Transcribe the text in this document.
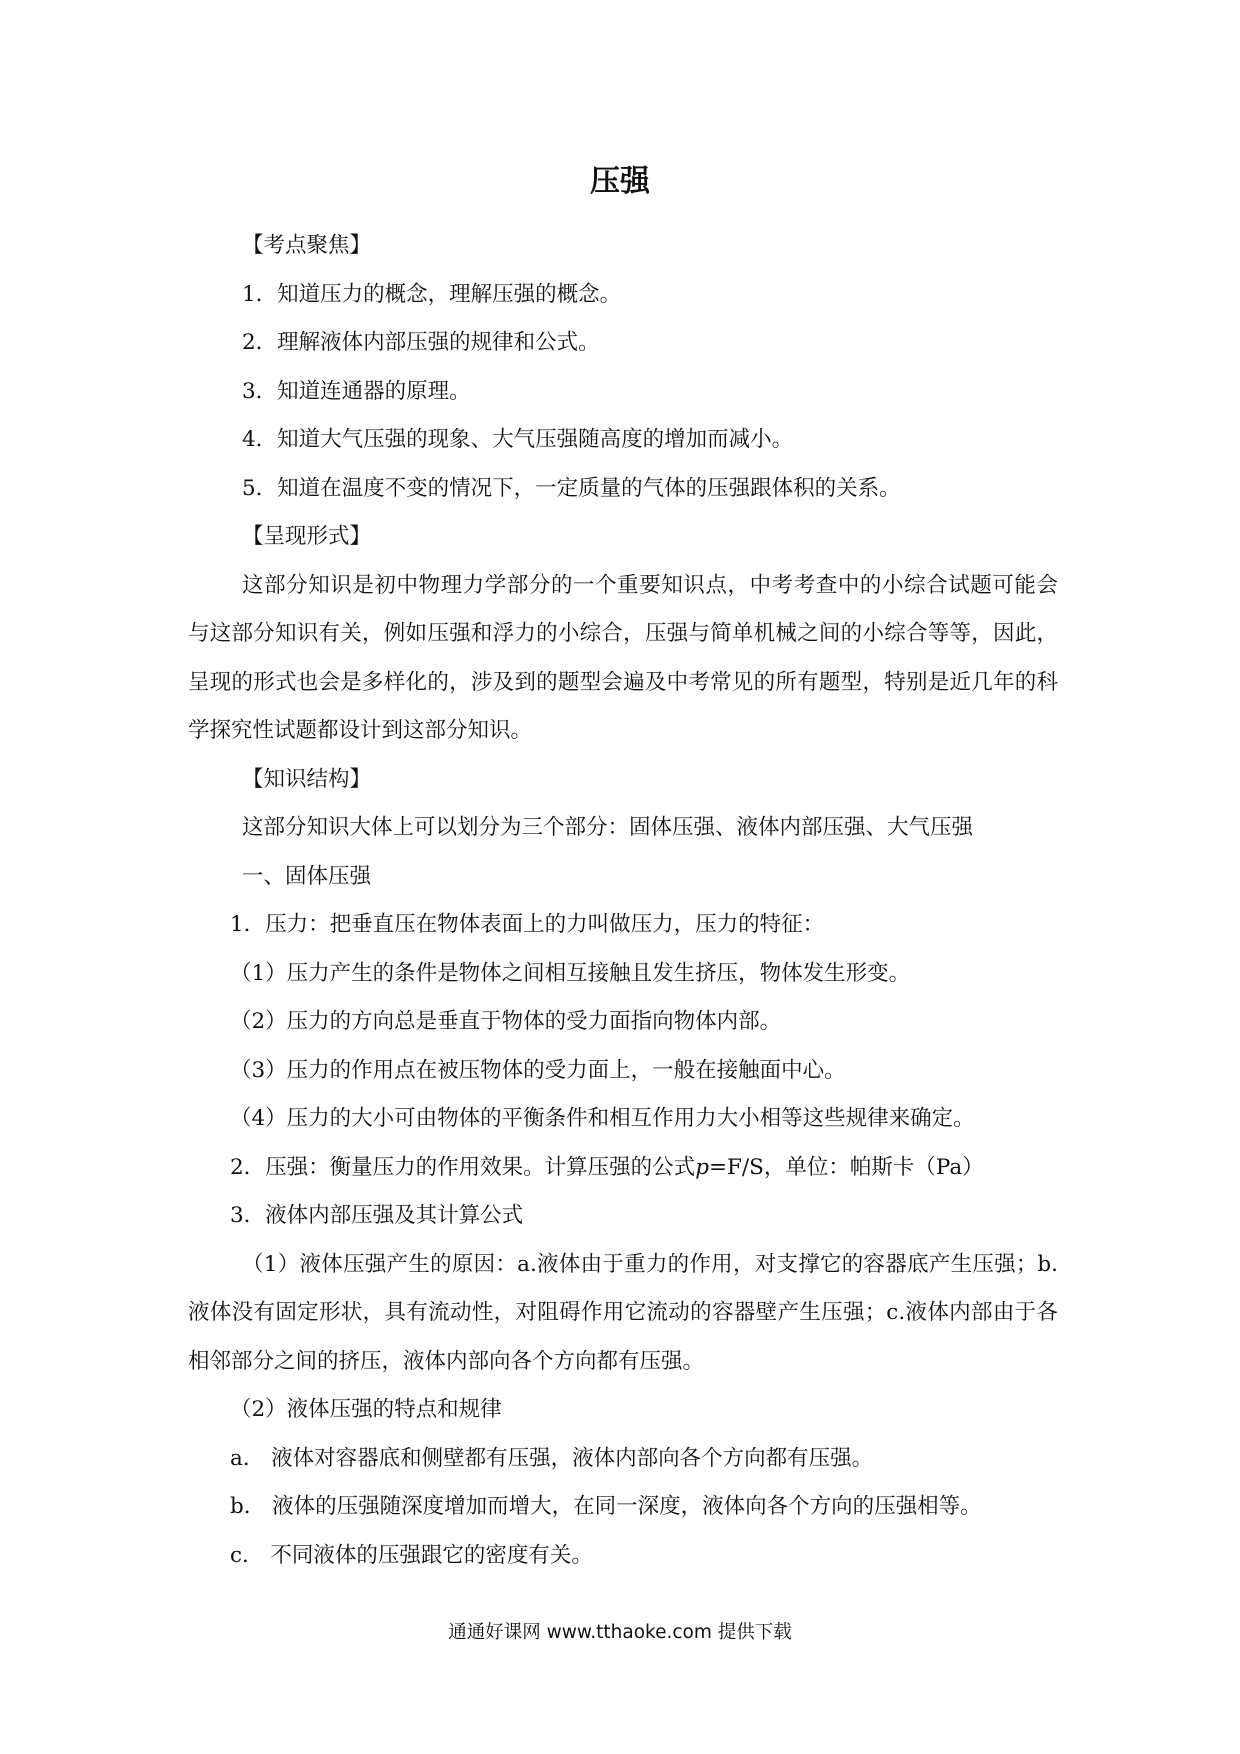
压强

【考点聚焦】

1．知道压力的概念，理解压强的概念。

2．理解液体内部压强的规律和公式。

3．知道连通器的原理。

4．知道大气压强的现象、大气压强随高度的增加而减小。

5．知道在温度不变的情况下，一定质量的气体的压强跟体积的关系。

【呈现形式】

这部分知识是初中物理力学部分的一个重要知识点，中考考查中的小综合试题可能会与这部分知识有关，例如压强和浮力的小综合，压强与简单机械之间的小综合等等，因此，呈现的形式也会是多样化的，涉及到的题型会遍及中考常见的所有题型，特别是近几年的科学探究性试题都设计到这部分知识。

【知识结构】

这部分知识大体上可以划分为三个部分：固体压强、液体内部压强、大气压强

一、固体压强

1．压力：把垂直压在物体表面上的力叫做压力，压力的特征：

（1）压力产生的条件是物体之间相互接触且发生挤压，物体发生形变。

（2）压力的方向总是垂直于物体的受力面指向物体内部。

（3）压力的作用点在被压物体的受力面上，一般在接触面中心。

（4）压力的大小可由物体的平衡条件和相互作用力大小相等这些规律来确定。

2．压强：衡量压力的作用效果。计算压强的公式p=F/S，单位：帕斯卡（Pa）

3．液体内部压强及其计算公式

（1）液体压强产生的原因：a.液体由于重力的作用，对支撑它的容器底产生压强；b.液体没有固定形状，具有流动性，对阻碍作用它流动的容器壁产生压强；c.液体内部由于各相邻部分之间的挤压，液体内部向各个方向都有压强。

（2）液体压强的特点和规律

a． 液体对容器底和侧壁都有压强，液体内部向各个方向都有压强。

b． 液体的压强随深度增加而增大，在同一深度，液体向各个方向的压强相等。

c． 不同液体的压强跟它的密度有关。

通通好课网 www.tthaoke.com 提供下载
